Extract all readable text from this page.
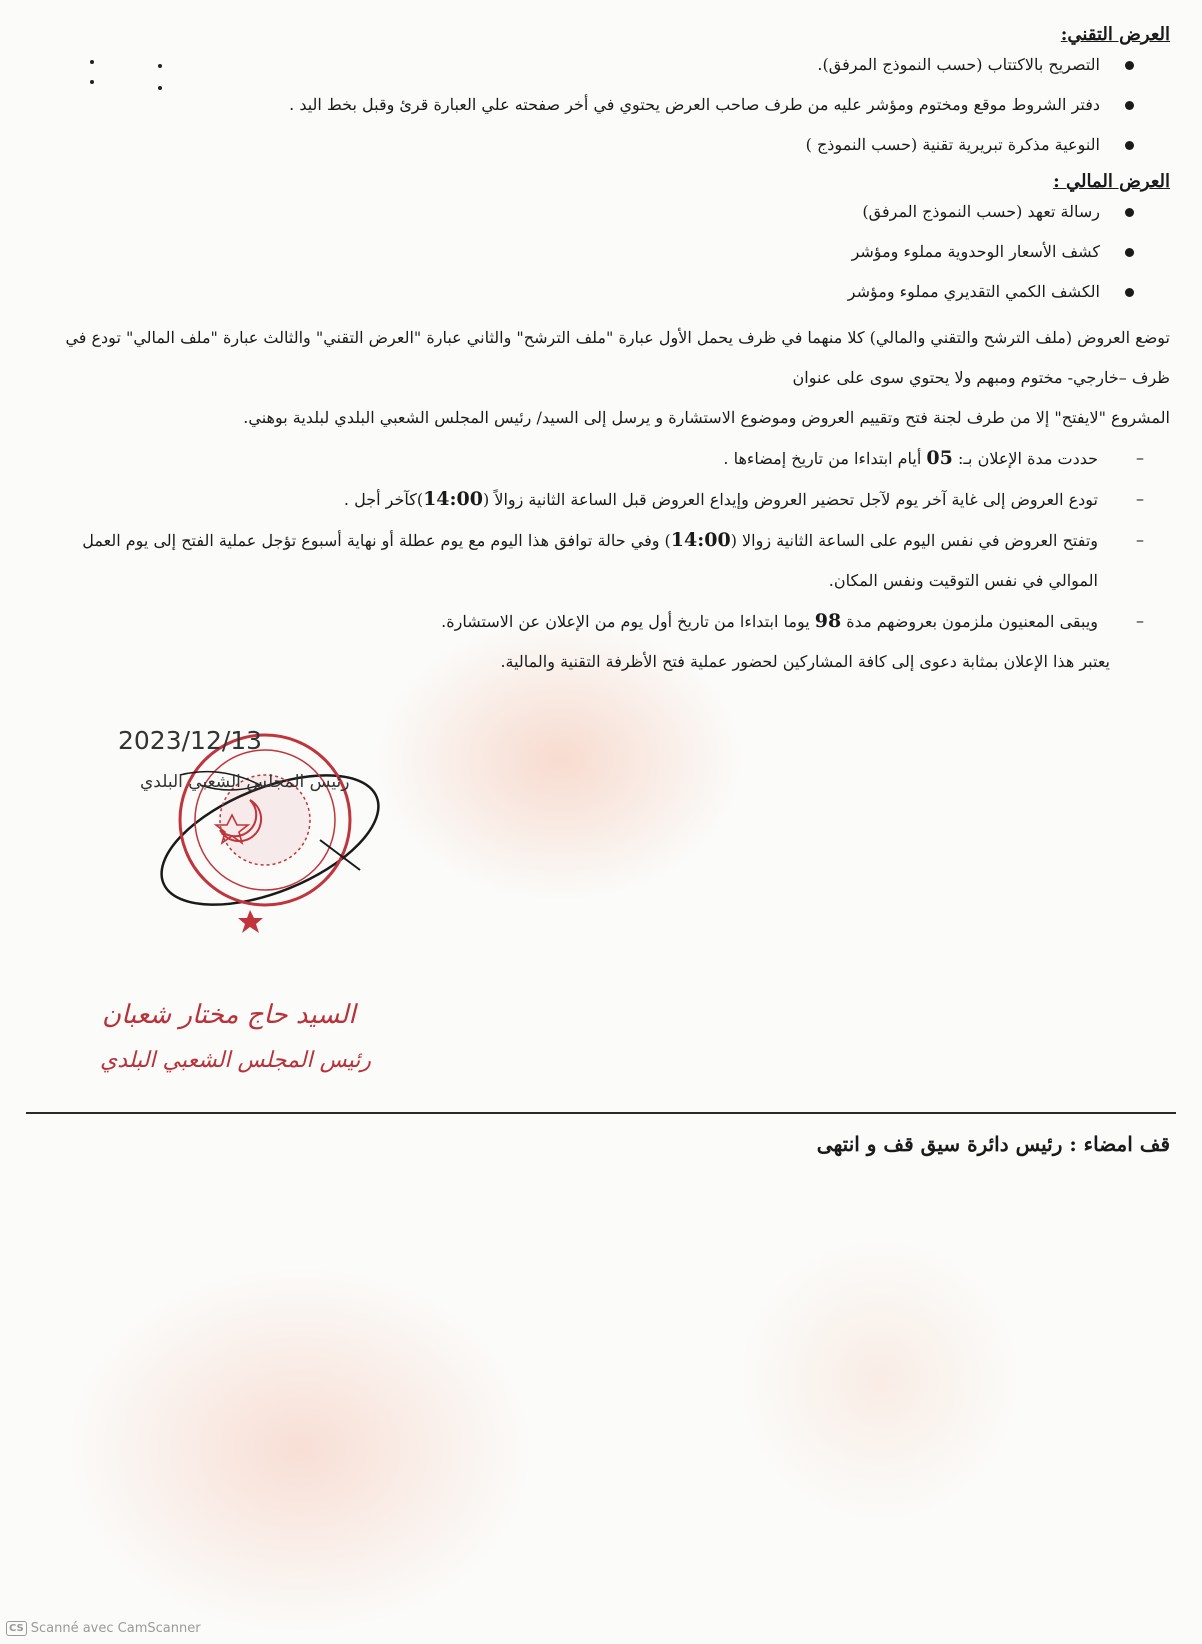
العرض التقني:
التصريح بالاكتتاب (حسب النموذج المرفق).
دفتر الشروط موقع ومختوم ومؤشر عليه من طرف صاحب العرض يحتوي في أخر صفحته علي العبارة قرئ وقبل بخط اليد .
النوعية مذكرة تبريرية تقنية (حسب النموذج )
العرض المالي :
رسالة تعهد (حسب النموذج المرفق)
كشف الأسعار الوحدوية مملوء ومؤشر
الكشف الكمي التقديري مملوء ومؤشر

توضع العروض (ملف الترشح والتقني والمالي) كلا منهما في ظرف يحمل الأول عبارة "ملف الترشح" والثاني عبارة "العرض التقني" والثالث عبارة "ملف المالي" تودع في ظرف –خارجي- مختوم ومبهم ولا يحتوي سوى على عنوان

المشروع "لايفتح" إلا من طرف لجنة فتح وتقييم العروض وموضوع الاستشارة و يرسل إلى السيد/ رئيس المجلس الشعبي البلدي لبلدية بوهني.

–
حددت مدة الإعلان بـ: 05 أيام ابتداءا من تاريخ إمضاءها .
–
تودع العروض إلى غاية آخر يوم لآجل تحضير العروض وإيداع العروض قبل الساعة الثانية زوالاً (14:00)كآخر أجل .
–
وتفتح العروض في نفس اليوم على الساعة الثانية زوالا (14:00) وفي حالة توافق هذا اليوم مع يوم عطلة أو نهاية أسبوع تؤجل عملية الفتح إلى يوم العمل الموالي في نفس التوقيت ونفس المكان.
–
ويبقى المعنيون ملزمون بعروضهم مدة 98 يوما ابتداءا من تاريخ أول يوم من الإعلان عن الاستشارة.

يعتبر هذا الإعلان بمثابة دعوى إلى كافة المشاركين لحضور عملية فتح الأظرفة التقنية والمالية.

2023/12/13
رئيس المجلس الشعبي البلدي
السيد حاج مختار شعبان
رئيس المجلس الشعبي البلدي
قف امضاء : رئيس دائرة سيق قف و انتهى
CS Scanné avec CamScanner
